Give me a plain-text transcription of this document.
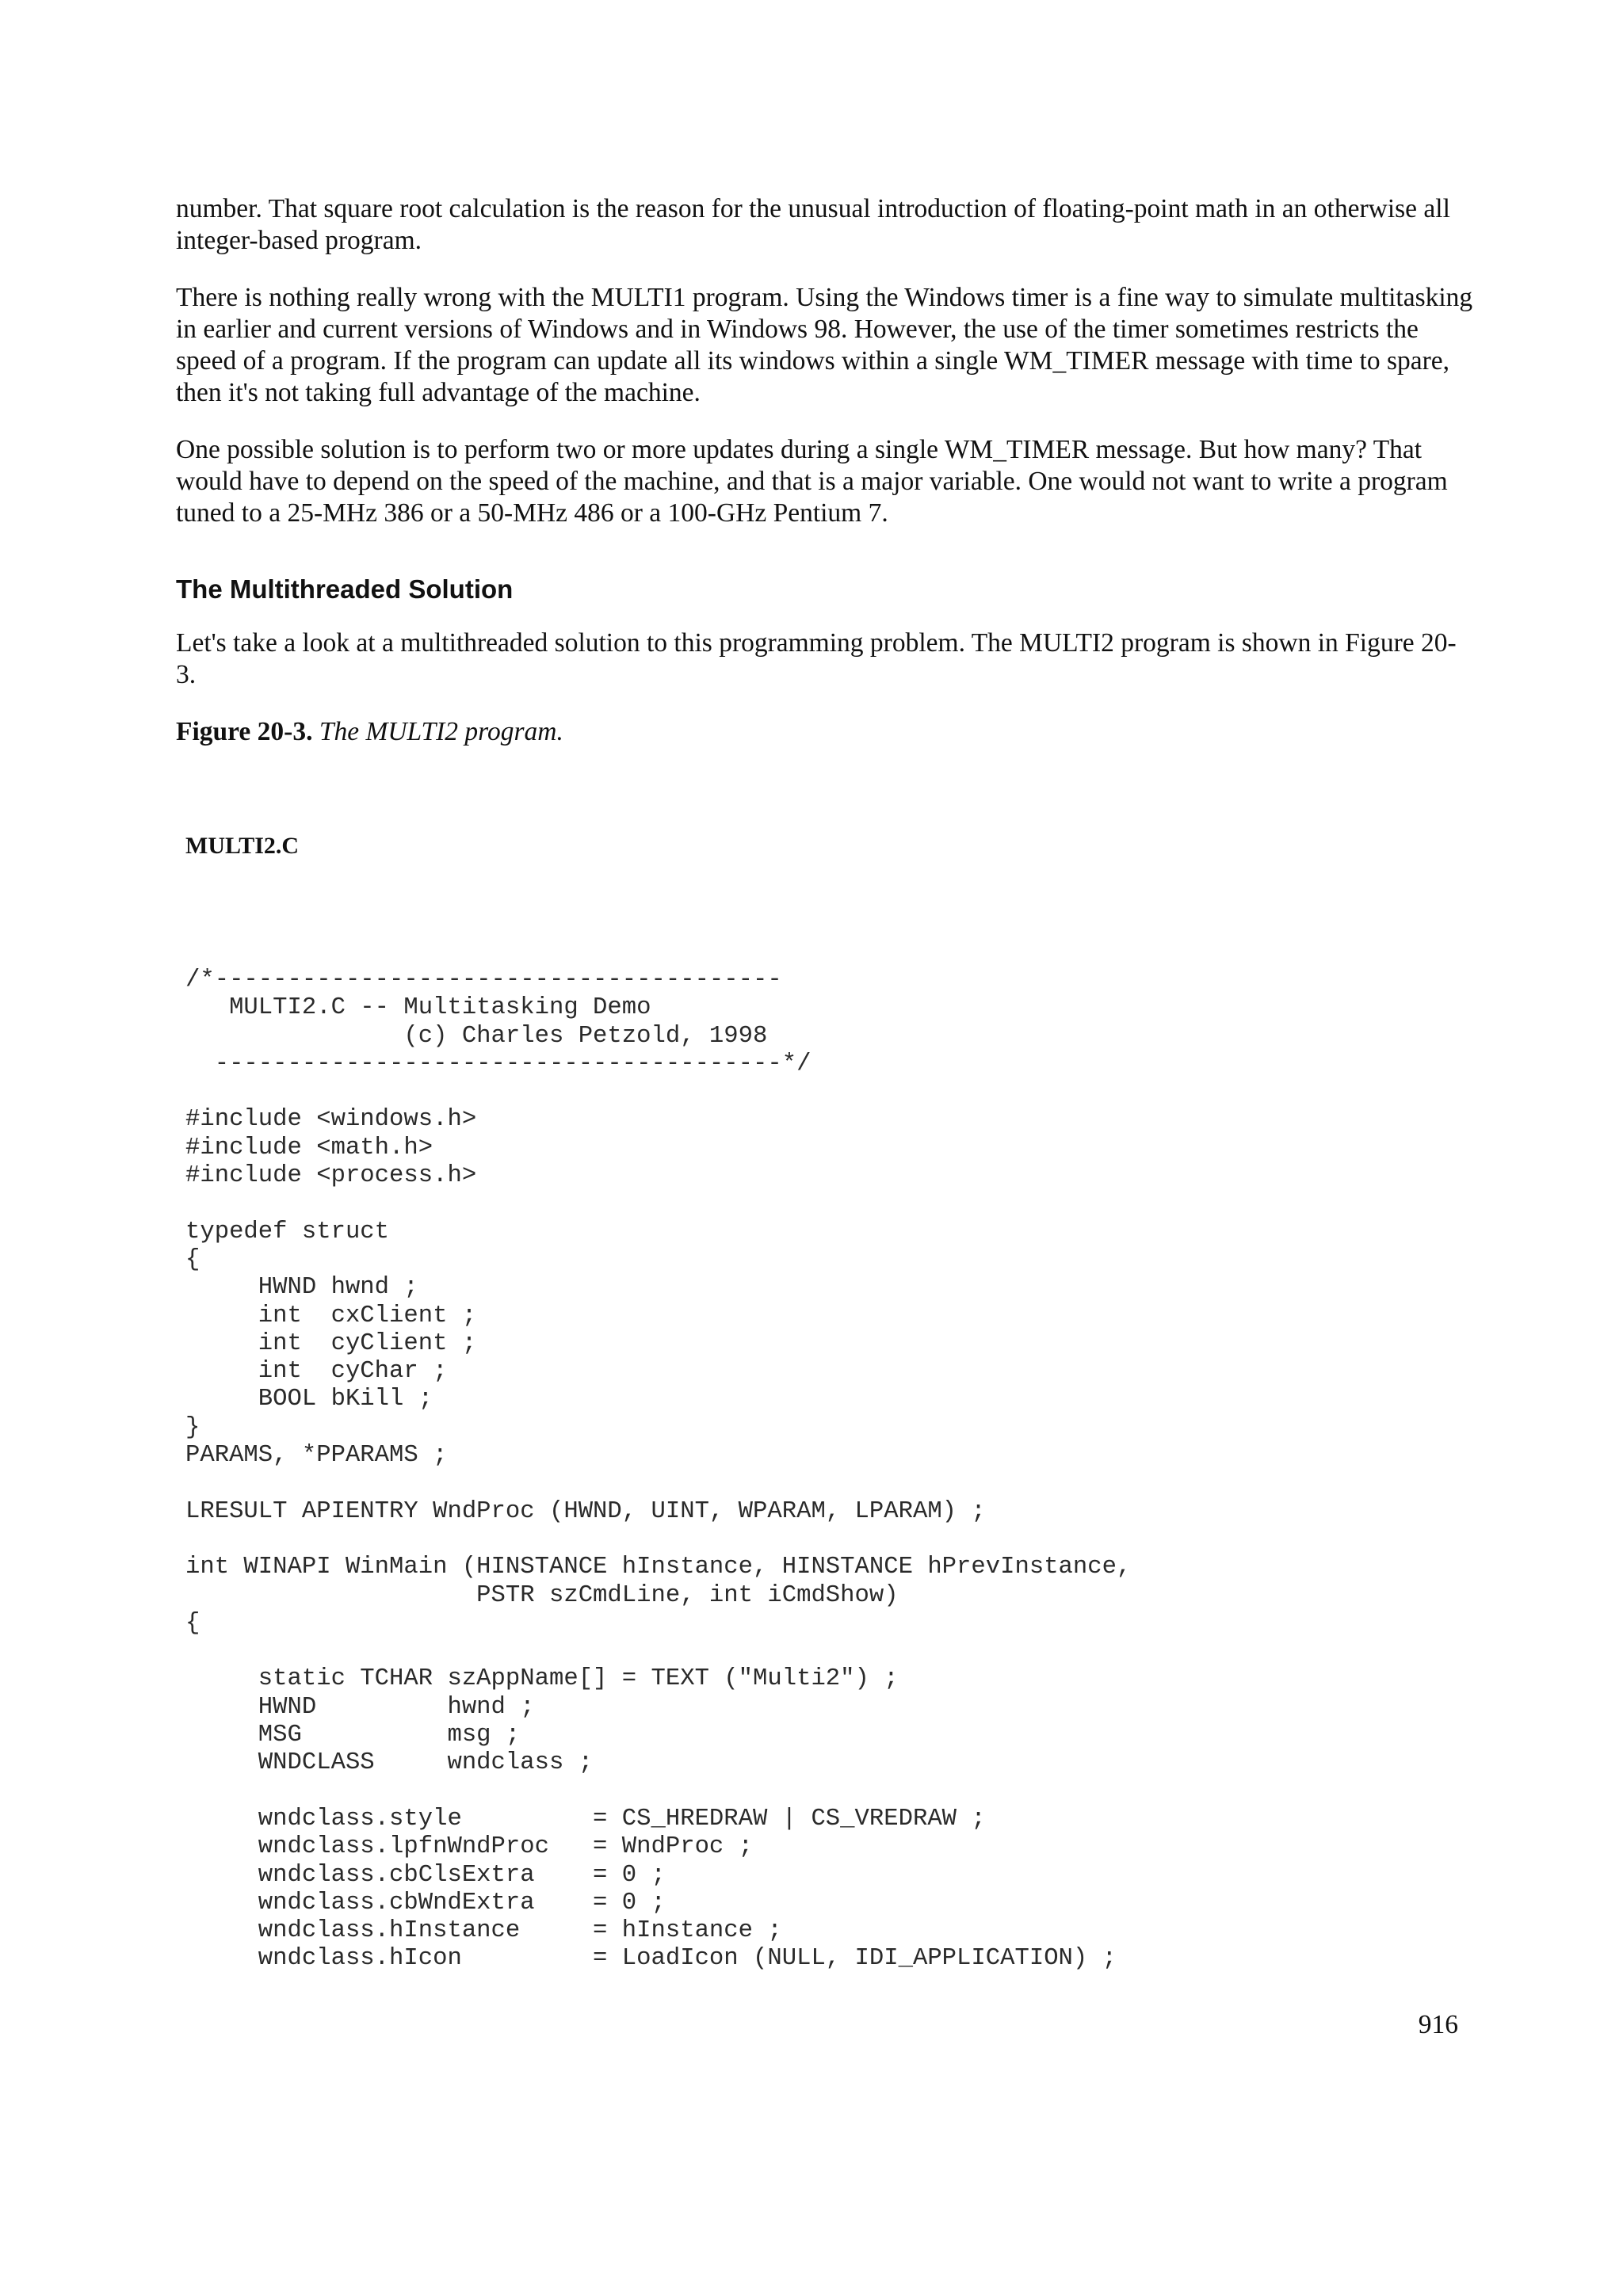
number. That square root calculation is the reason for the unusual introduction of floating-point math in an otherwise all integer-based program.

There is nothing really wrong with the MULTI1 program. Using the Windows timer is a fine way to simulate multitasking in earlier and current versions of Windows and in Windows 98. However, the use of the timer sometimes restricts the speed of a program. If the program can update all its windows within a single WM_TIMER message with time to spare, then it's not taking full advantage of the machine.

One possible solution is to perform two or more updates during a single WM_TIMER message. But how many? That would have to depend on the speed of the machine, and that is a major variable. One would not want to write a program tuned to a 25-MHz 386 or a 50-MHz 486 or a 100-GHz Pentium 7.

The Multithreaded Solution

Let's take a look at a multithreaded solution to this programming problem. The MULTI2 program is shown in Figure 20-3.

Figure 20-3. The MULTI2 program.

MULTI2.C
/*---------------------------------------
MULTI2.C -- Multitasking Demo
(c) Charles Petzold, 1998
---------------------------------------*/

#include <windows.h>
#include <math.h>
#include <process.h>

typedef struct
{
HWND hwnd ;
int  cxClient ;
int  cyClient ;
int  cyChar ;
BOOL bKill ;
}
PARAMS, *PPARAMS ;

LRESULT APIENTRY WndProc (HWND, UINT, WPARAM, LPARAM) ;

int WINAPI WinMain (HINSTANCE hInstance, HINSTANCE hPrevInstance,
PSTR szCmdLine, int iCmdShow)
{

static TCHAR szAppName[] = TEXT ("Multi2") ;
HWND         hwnd ;
MSG          msg ;
WNDCLASS     wndclass ;

wndclass.style         = CS_HREDRAW | CS_VREDRAW ;
wndclass.lpfnWndProc   = WndProc ;
wndclass.cbClsExtra    = 0 ;
wndclass.cbWndExtra    = 0 ;
wndclass.hInstance     = hInstance ;
wndclass.hIcon         = LoadIcon (NULL, IDI_APPLICATION) ;
916
